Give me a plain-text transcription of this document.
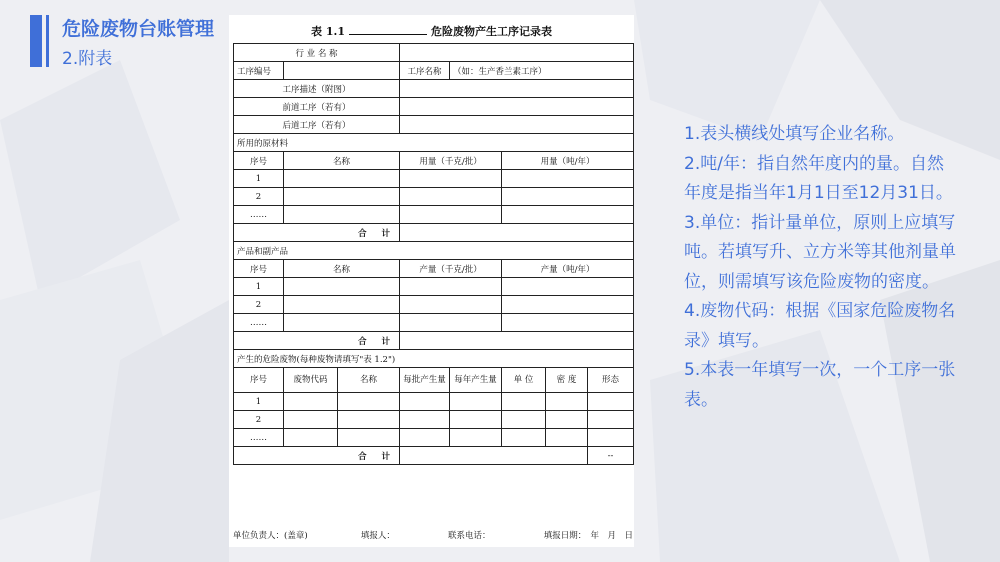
危险废物台账管理
2.附表
表 1.1	危险废物产生工序记录表
行 业 名 称							
工序编号			工序名称	（如：生产香兰素工序）			
工序描述（附图）							
前道工序（若有）							
后道工序（若有）							
所用的原材料							
序号	名称		用量（千克/批）		用量（吨/年）		
1							
2							
……							
合 计							
产品和副产品							
序号	名称		产量（千克/批）		产量（吨/年）		
1							
2							
……							
合 计							
产生的危险废物(每种废物请填写"表 1.2")							
序号	废物代码	名称	每批产生量	每年产生量	单 位	密 度	形态
1							
2							
……							
合 计							--
单位负责人：(盖章)	填报人：	联系电话：	填报日期：　年　月　日

1.表头横线处填写企业名称。

2.吨/年：指自然年度内的量。自然年度是指当年1月1日至12月31日。

3.单位：指计量单位，原则上应填写吨。若填写升、立方米等其他剂量单位，则需填写该危险废物的密度。

4.废物代码：根据《国家危险废物名录》填写。

5.本表一年填写一次，一个工序一张表。
